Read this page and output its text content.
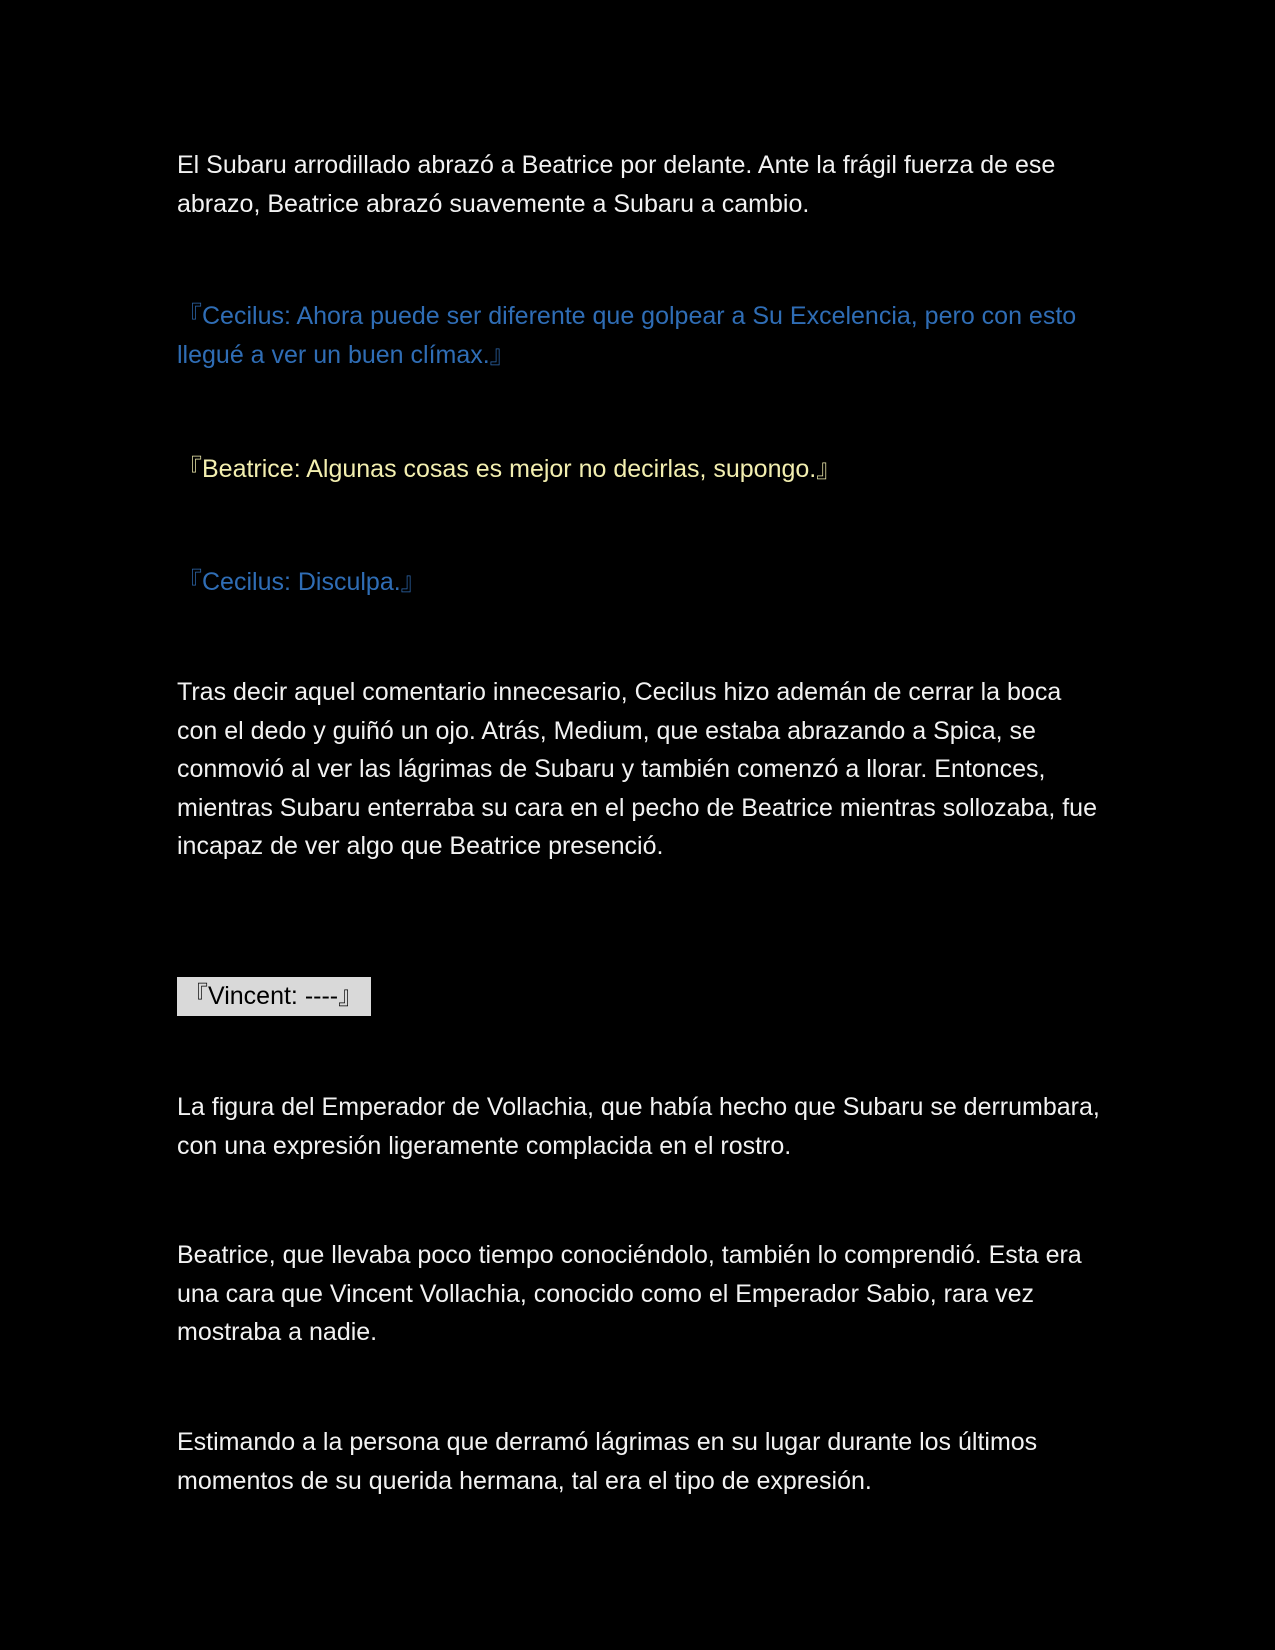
El Subaru arrodillado abrazó a Beatrice por delante. Ante la frágil fuerza de ese abrazo, Beatrice abrazó suavemente a Subaru a cambio.

『Cecilus: Ahora puede ser diferente que golpear a Su Excelencia, pero con esto llegué a ver un buen clímax.』

『Beatrice: Algunas cosas es mejor no decirlas, supongo.』

『Cecilus: Disculpa.』

Tras decir aquel comentario innecesario, Cecilus hizo ademán de cerrar la boca con el dedo y guiñó un ojo. Atrás, Medium, que estaba abrazando a Spica, se conmovió al ver las lágrimas de Subaru y también comenzó a llorar. Entonces, mientras Subaru enterraba su cara en el pecho de Beatrice mientras sollozaba, fue incapaz de ver algo que Beatrice presenció.

『Vincent: ----』

La figura del Emperador de Vollachia, que había hecho que Subaru se derrumbara, con una expresión ligeramente complacida en el rostro.

Beatrice, que llevaba poco tiempo conociéndolo, también lo comprendió. Esta era una cara que Vincent Vollachia, conocido como el Emperador Sabio, rara vez mostraba a nadie.

Estimando a la persona que derramó lágrimas en su lugar durante los últimos momentos de su querida hermana, tal era el tipo de expresión.
